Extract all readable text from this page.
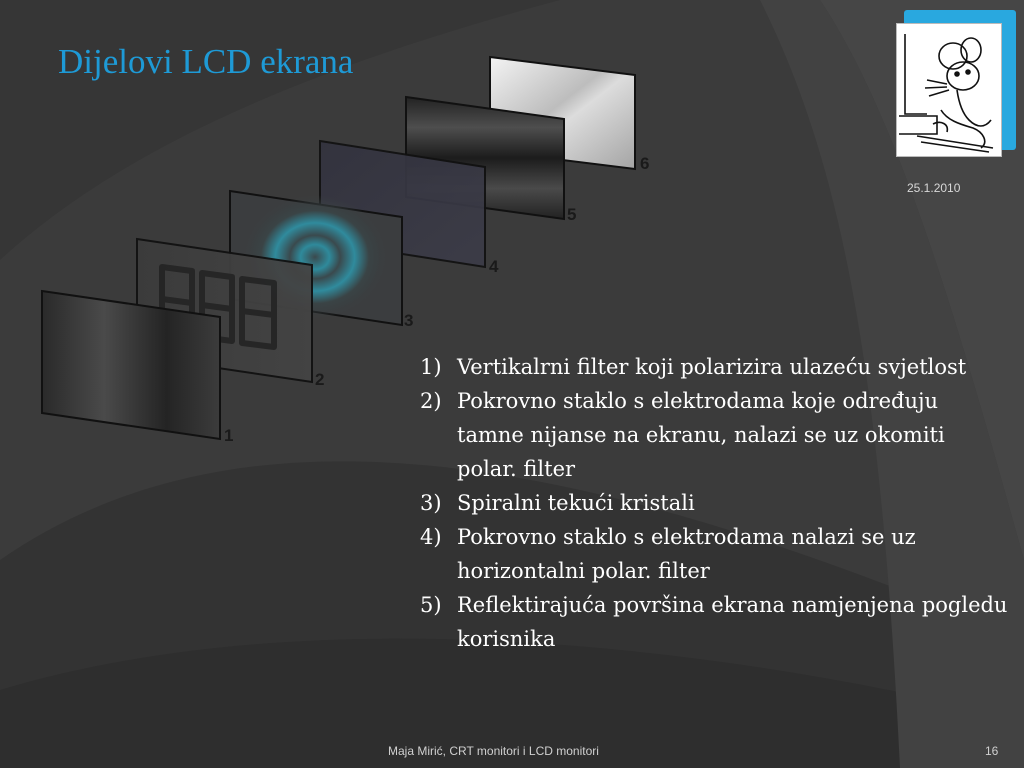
Dijelovi LCD ekrana
25.1.2010
6
5
4
3
2
1
1) Vertikalrni filter koji polarizira ulazeću svjetlost
2) Pokrovno staklo s elektrodama koje određuju tamne nijanse na ekranu, nalazi se uz okomiti polar. filter
3) Spiralni tekući kristali
4) Pokrovno staklo s elektrodama nalazi se uz horizontalni polar. filter
5) Reflektirajuća površina ekrana namjenjena pogledu korisnika
Maja Mirić, CRT monitori i LCD monitori	16
